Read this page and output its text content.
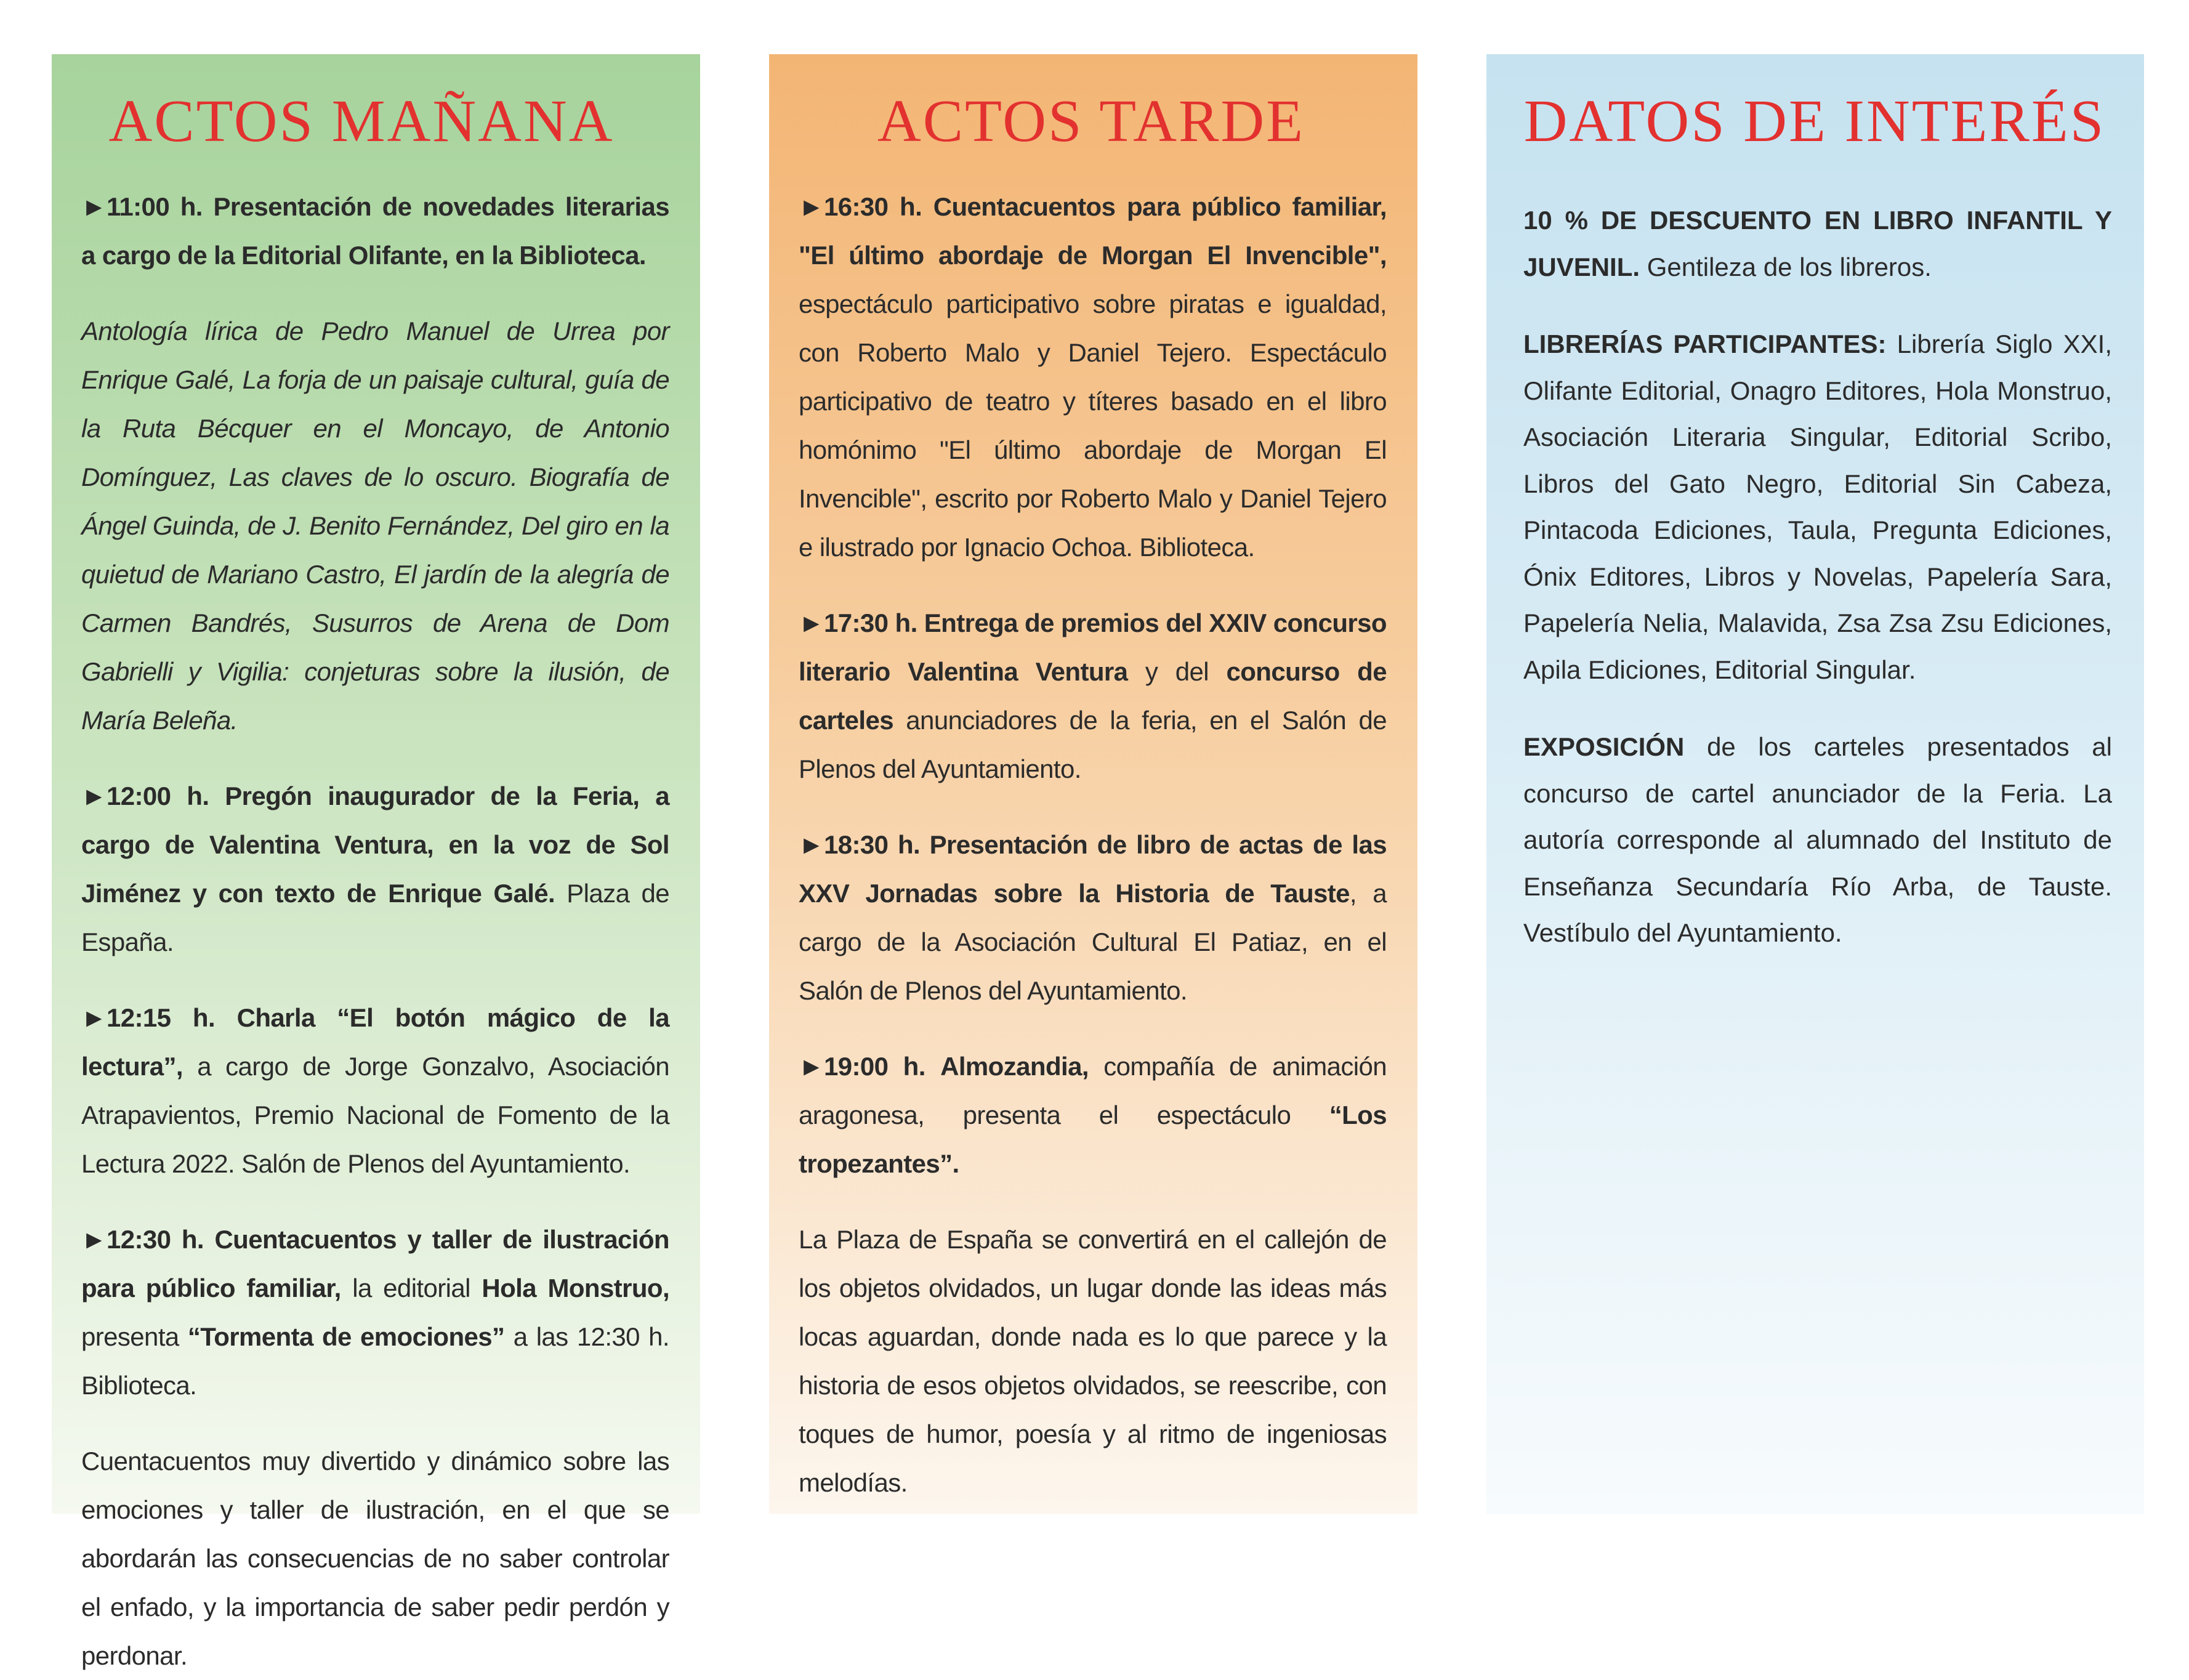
ACTOS MAÑANA

►11:00 h. Presentación de novedades literarias a cargo de la Editorial Olifante, en la Biblioteca.

Antología lírica de Pedro Manuel de Urrea por Enrique Galé, La forja de un paisaje cultural, guía de la Ruta Bécquer en el Moncayo, de Antonio Domínguez, Las claves de lo oscuro. Biografía de Ángel Guinda, de J. Benito Fernández, Del giro en la quietud de Mariano Castro, El jardín de la alegría de Carmen Bandrés, Susurros de Arena de Dom Gabrielli y Vigilia: conjeturas sobre la ilusión, de María Beleña.

►12:00 h. Pregón inaugurador de la Feria, a cargo de Valentina Ventura, en la voz de Sol Jiménez y con texto de Enrique Galé. Plaza de España.

►12:15 h. Charla “El botón mágico de la lectura”, a cargo de Jorge Gonzalvo, Asociación Atrapavientos, Premio Nacional de Fomento de la Lectura 2022. Salón de Plenos del Ayuntamiento.

►12:30 h. Cuentacuentos y taller de ilustración para público familiar, la editorial Hola Monstruo, presenta “Tormenta de emociones” a las 12:30 h. Biblioteca.

Cuentacuentos muy divertido y dinámico sobre las emociones y taller de ilustración, en el que se abordarán las consecuencias de no saber controlar el enfado, y la importancia de saber pedir perdón y perdonar.

ACTOS TARDE

►16:30 h. Cuentacuentos para público familiar, "El último abordaje de Morgan El Invencible", espectáculo participativo sobre piratas e igualdad, con Roberto Malo y Daniel Tejero. Espectáculo participativo de teatro y títeres basado en el libro homónimo "El último abordaje de Morgan El Invencible", escrito por Roberto Malo y Daniel Tejero e ilustrado por Ignacio Ochoa. Biblioteca.

►17:30 h. Entrega de premios del XXIV concurso literario Valentina Ventura y del concurso de carteles anunciadores de la feria, en el Salón de Plenos del Ayuntamiento.

►18:30 h. Presentación de libro de actas de las XXV Jornadas sobre la Historia de Tauste, a cargo de la Asociación Cultural El Patiaz, en el Salón de Plenos del Ayuntamiento.

►19:00 h. Almozandia, compañía de animación aragonesa, presenta el espectáculo “Los tropezantes”.

La Plaza de España se convertirá en el callejón de los objetos olvidados, un lugar donde las ideas más locas aguardan, donde nada es lo que parece y la historia de esos objetos olvidados, se reescribe, con toques de humor, poesía y al ritmo de ingeniosas melodías.

DATOS DE INTERÉS

10 % DE DESCUENTO EN LIBRO INFANTIL Y JUVENIL. Gentileza de los libreros.

LIBRERÍAS PARTICIPANTES: Librería Siglo XXI, Olifante Editorial, Onagro Editores, Hola Monstruo, Asociación Literaria Singular, Editorial Scribo, Libros del Gato Negro, Editorial Sin Cabeza, Pintacoda Ediciones, Taula, Pregunta Ediciones, Ónix Editores, Libros y Novelas, Papelería Sara, Papelería Nelia, Malavida, Zsa Zsa Zsu Ediciones, Apila Ediciones, Editorial Singular.

EXPOSICIÓN de los carteles presentados al concurso de cartel anunciador de la Feria. La autoría corresponde al alumnado del Instituto de Enseñanza Secundaría Río Arba, de Tauste. Vestíbulo del Ayuntamiento.
